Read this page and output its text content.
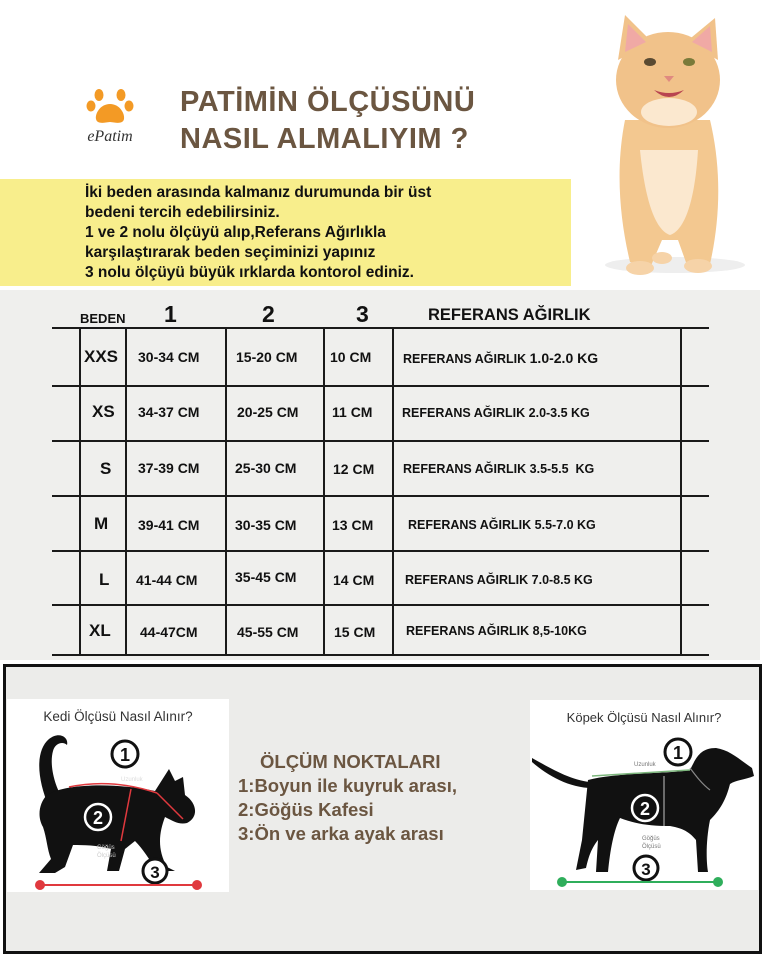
ePatim
PATİMİN ÖLÇÜSÜNÜ
NASIL ALMALIYIM ?
İki beden arasında kalmanız durumunda bir üst
bedeni tercih edebilirsiniz.
1 ve 2 nolu ölçüyü alıp,Referans Ağırlıkla
karşılaştırarak beden seçiminizi yapınız
3 nolu ölçüyü büyük ırklarda kontorol ediniz.
BEDEN 1	2	3	REFERANS AĞIRLIK
XXS 30-34 CM	15-20 CM 10 CM	REFERANS AĞIRLIK 1.0-2.0 KG
XS 34-37 CM	20-25 CM 11 CM REFERANS AĞIRLIK 2.0-3.5 KG
S 37-39 CM	25-30 CM	12 CM REFERANS AĞIRLIK 3.5-5.5  KG
M 39-41 CM	30-35 CM	13 CM	REFERANS AĞIRLIK 5.5-7.0 KG
L 41-44 CM	35-45 CM	14 CM REFERANS AĞIRLIK 7.0-8.5 KG
XL 44-47CM	45-55 CM	15 CM REFERANS AĞIRLIK 8,5-10KG
Kedi Ölçüsü Nasıl Alınır?
1
2
3
Uzunluk
Göğüs
Ölçüsü
ÖLÇÜM NOKTALARI
1:Boyun ile kuyruk arası,
2:Göğüs Kafesi
3:Ön ve arka ayak arası
Köpek Ölçüsü Nasıl Alınır?
1
2
3
Uzunluk
Göğüs
Ölçüsü
